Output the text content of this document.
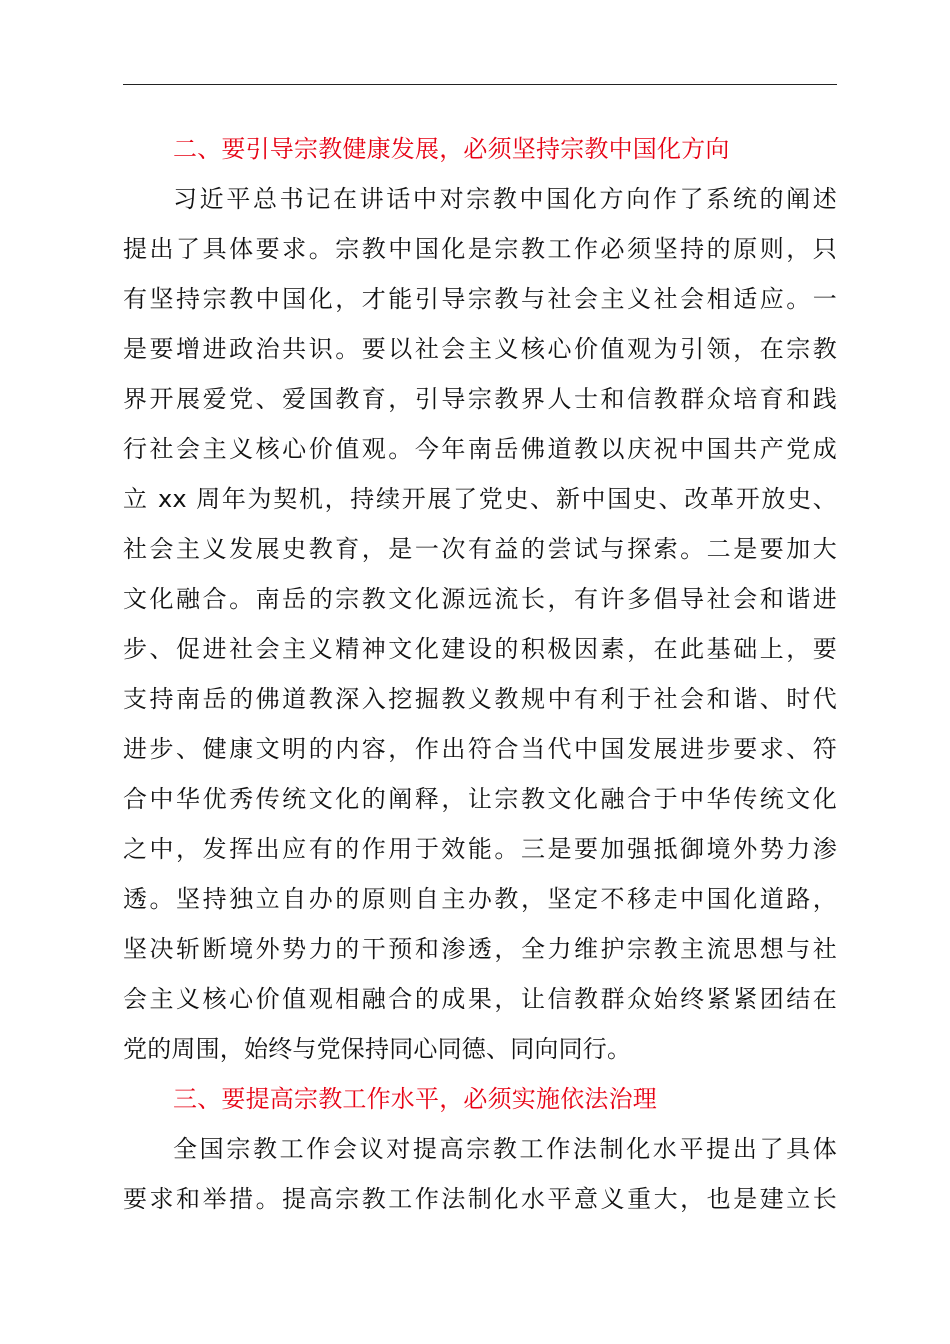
二、要引导宗教健康发展，必须坚持宗教中国化方向
习近平总书记在讲话中对宗教中国化方向作了系统的阐述
提出了具体要求。宗教中国化是宗教工作必须坚持的原则，只
有坚持宗教中国化，才能引导宗教与社会主义社会相适应。一
是要增进政治共识。要以社会主义核心价值观为引领，在宗教
界开展爱党、爱国教育，引导宗教界人士和信教群众培育和践
行社会主义核心价值观。今年南岳佛道教以庆祝中国共产党成
立 xx 周年为契机，持续开展了党史、新中国史、改革开放史、
社会主义发展史教育，是一次有益的尝试与探索。二是要加大
文化融合。南岳的宗教文化源远流长，有许多倡导社会和谐进
步、促进社会主义精神文化建设的积极因素，在此基础上，要
支持南岳的佛道教深入挖掘教义教规中有利于社会和谐、时代
进步、健康文明的内容，作出符合当代中国发展进步要求、符
合中华优秀传统文化的阐释，让宗教文化融合于中华传统文化
之中，发挥出应有的作用于效能。三是要加强抵御境外势力渗
透。坚持独立自办的原则自主办教，坚定不移走中国化道路，
坚决斩断境外势力的干预和渗透，全力维护宗教主流思想与社
会主义核心价值观相融合的成果，让信教群众始终紧紧团结在
党的周围，始终与党保持同心同德、同向同行。
三、要提高宗教工作水平，必须实施依法治理
全国宗教工作会议对提高宗教工作法制化水平提出了具体
要求和举措。提高宗教工作法制化水平意义重大，也是建立长
